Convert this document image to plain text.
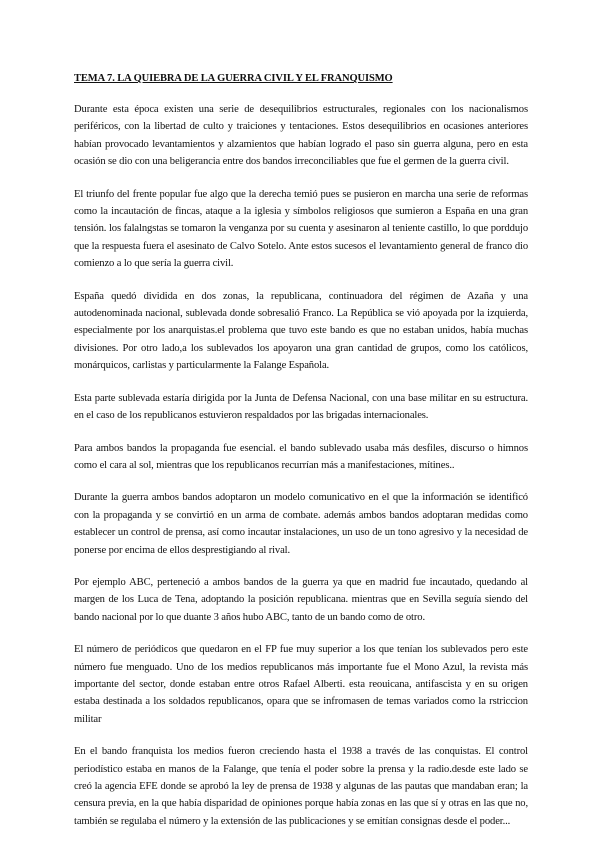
TEMA 7. LA QUIEBRA DE LA GUERRA CIVIL Y EL FRANQUISMO

Durante esta época existen una serie de desequilibrios estructurales, regionales con los nacionalismos periféricos, con la libertad de culto y traiciones y tentaciones. Estos desequilibrios en ocasiones anteriores habían provocado levantamientos y alzamientos que habían logrado el paso sin guerra alguna, pero en esta ocasión se dio con una beligerancia entre dos bandos irreconciliables que fue el germen de la guerra civil.

El triunfo del frente popular fue algo que la derecha temió pues se pusieron en marcha una serie de reformas como la incautación de fincas, ataque a la iglesia y símbolos religiosos que sumieron a España en una gran tensión. los falalngstas se tomaron la venganza por su cuenta y asesinaron al teniente castillo, lo que porddujo que la respuesta fuera el asesinato de Calvo Sotelo. Ante estos sucesos el levantamiento general de franco dio comienzo a lo que sería la guerra civil.

España quedó dividida en dos zonas, la republicana, continuadora del régimen de Azaña y una autodenominada nacional, sublevada donde sobresalió Franco. La República se vió apoyada por la izquierda, especialmente por los anarquistas.el problema que tuvo este bando es que no estaban unidos, había muchas divisiones. Por otro lado,a los sublevados los apoyaron una gran cantidad de grupos, como los católicos, monárquicos, carlistas y particularmente la Falange Española.

Esta parte sublevada estaría dirigida por la Junta de Defensa Nacional, con una base militar en su estructura. en el caso de los republicanos estuvieron respaldados por las brigadas internacionales.

Para ambos bandos la propaganda fue esencial. el bando sublevado usaba más desfiles, discurso o himnos como el cara al sol, mientras que los republicanos recurrían más a manifestaciones, mítines..

Durante la guerra ambos bandos adoptaron un modelo comunicativo en el que la información se identificó con la propaganda y se convirtió en un arma de combate. además ambos bandos adoptaran medidas como establecer un control de prensa, así como incautar instalaciones, un uso de un tono agresivo y la necesidad de ponerse por encima de ellos desprestigiando al rival.

Por ejemplo ABC, perteneció a ambos bandos de la guerra ya que en madrid fue incautado, quedando al margen de los Luca de Tena, adoptando la posición republicana. mientras que en Sevilla seguía siendo del bando nacional por lo que duante 3 años hubo ABC, tanto de un bando como de otro.

El número de periódicos que quedaron en el FP fue muy superior a los que tenían los sublevados pero este número fue menguado. Uno de los medios republicanos más importante fue el Mono Azul, la revista más importante del sector, donde estaban entre otros Rafael Alberti. esta reouicana, antifascista y en su origen estaba destinada a los soldados republicanos, opara que se infromasen de temas variados como la rstriccion militar

En el bando franquista los medios fueron creciendo hasta el 1938 a través de las conquistas. El control periodístico estaba en manos de la Falange, que tenía el poder sobre la prensa y la radio.desde este lado se creó la agencia EFE donde se aprobó la ley de prensa de 1938 y algunas de las pautas que mandaban eran; la censura previa, en la que había disparidad de opiniones porque había zonas en las que sí y otras en las que no, también se regulaba el número y la extensión de las publicaciones y se emitían consignas desde el poder...
